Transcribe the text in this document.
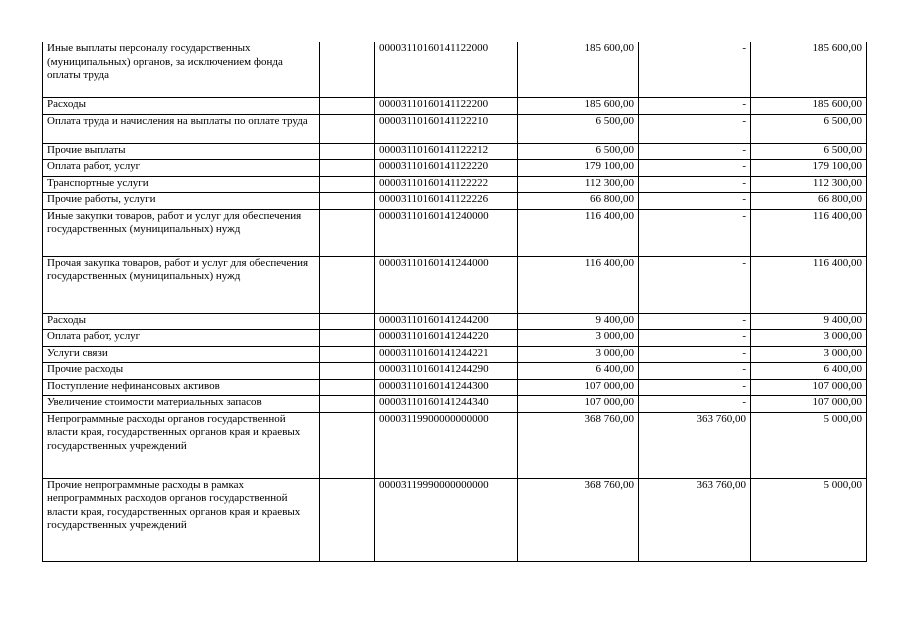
Иные выплаты персоналу государственных (муниципальных) органов, за исключением фонда оплаты труда		00003110160141122000	185 600,00	-	185 600,00
Расходы		00003110160141122200	185 600,00	-	185 600,00
Оплата труда и начисления на выплаты по оплате труда		00003110160141122210	6 500,00	-	6 500,00
Прочие выплаты		00003110160141122212	6 500,00	-	6 500,00
Оплата работ, услуг		00003110160141122220	179 100,00	-	179 100,00
Транспортные услуги		00003110160141122222	112 300,00	-	112 300,00
Прочие работы, услуги		00003110160141122226	66 800,00	-	66 800,00
Иные закупки товаров, работ и услуг для обеспечения государственных (муниципальных) нужд		00003110160141240000	116 400,00	-	116 400,00
Прочая закупка товаров, работ и услуг для обеспечения государственных (муниципальных) нужд		00003110160141244000	116 400,00	-	116 400,00
Расходы		00003110160141244200	9 400,00	-	9 400,00
Оплата работ, услуг		00003110160141244220	3 000,00	-	3 000,00
Услуги связи		00003110160141244221	3 000,00	-	3 000,00
Прочие расходы		00003110160141244290	6 400,00	-	6 400,00
Поступление нефинансовых активов		00003110160141244300	107 000,00	-	107 000,00
Увеличение стоимости материальных запасов		00003110160141244340	107 000,00	-	107 000,00
Непрограммные расходы органов государственной власти края, государственных органов края и краевых государственных учреждений		00003119900000000000	368 760,00	363 760,00	5 000,00
Прочие непрограммные расходы в рамках непрограммных расходов органов государственной власти края, государственных органов края и краевых государственных учреждений		00003119990000000000	368 760,00	363 760,00	5 000,00
